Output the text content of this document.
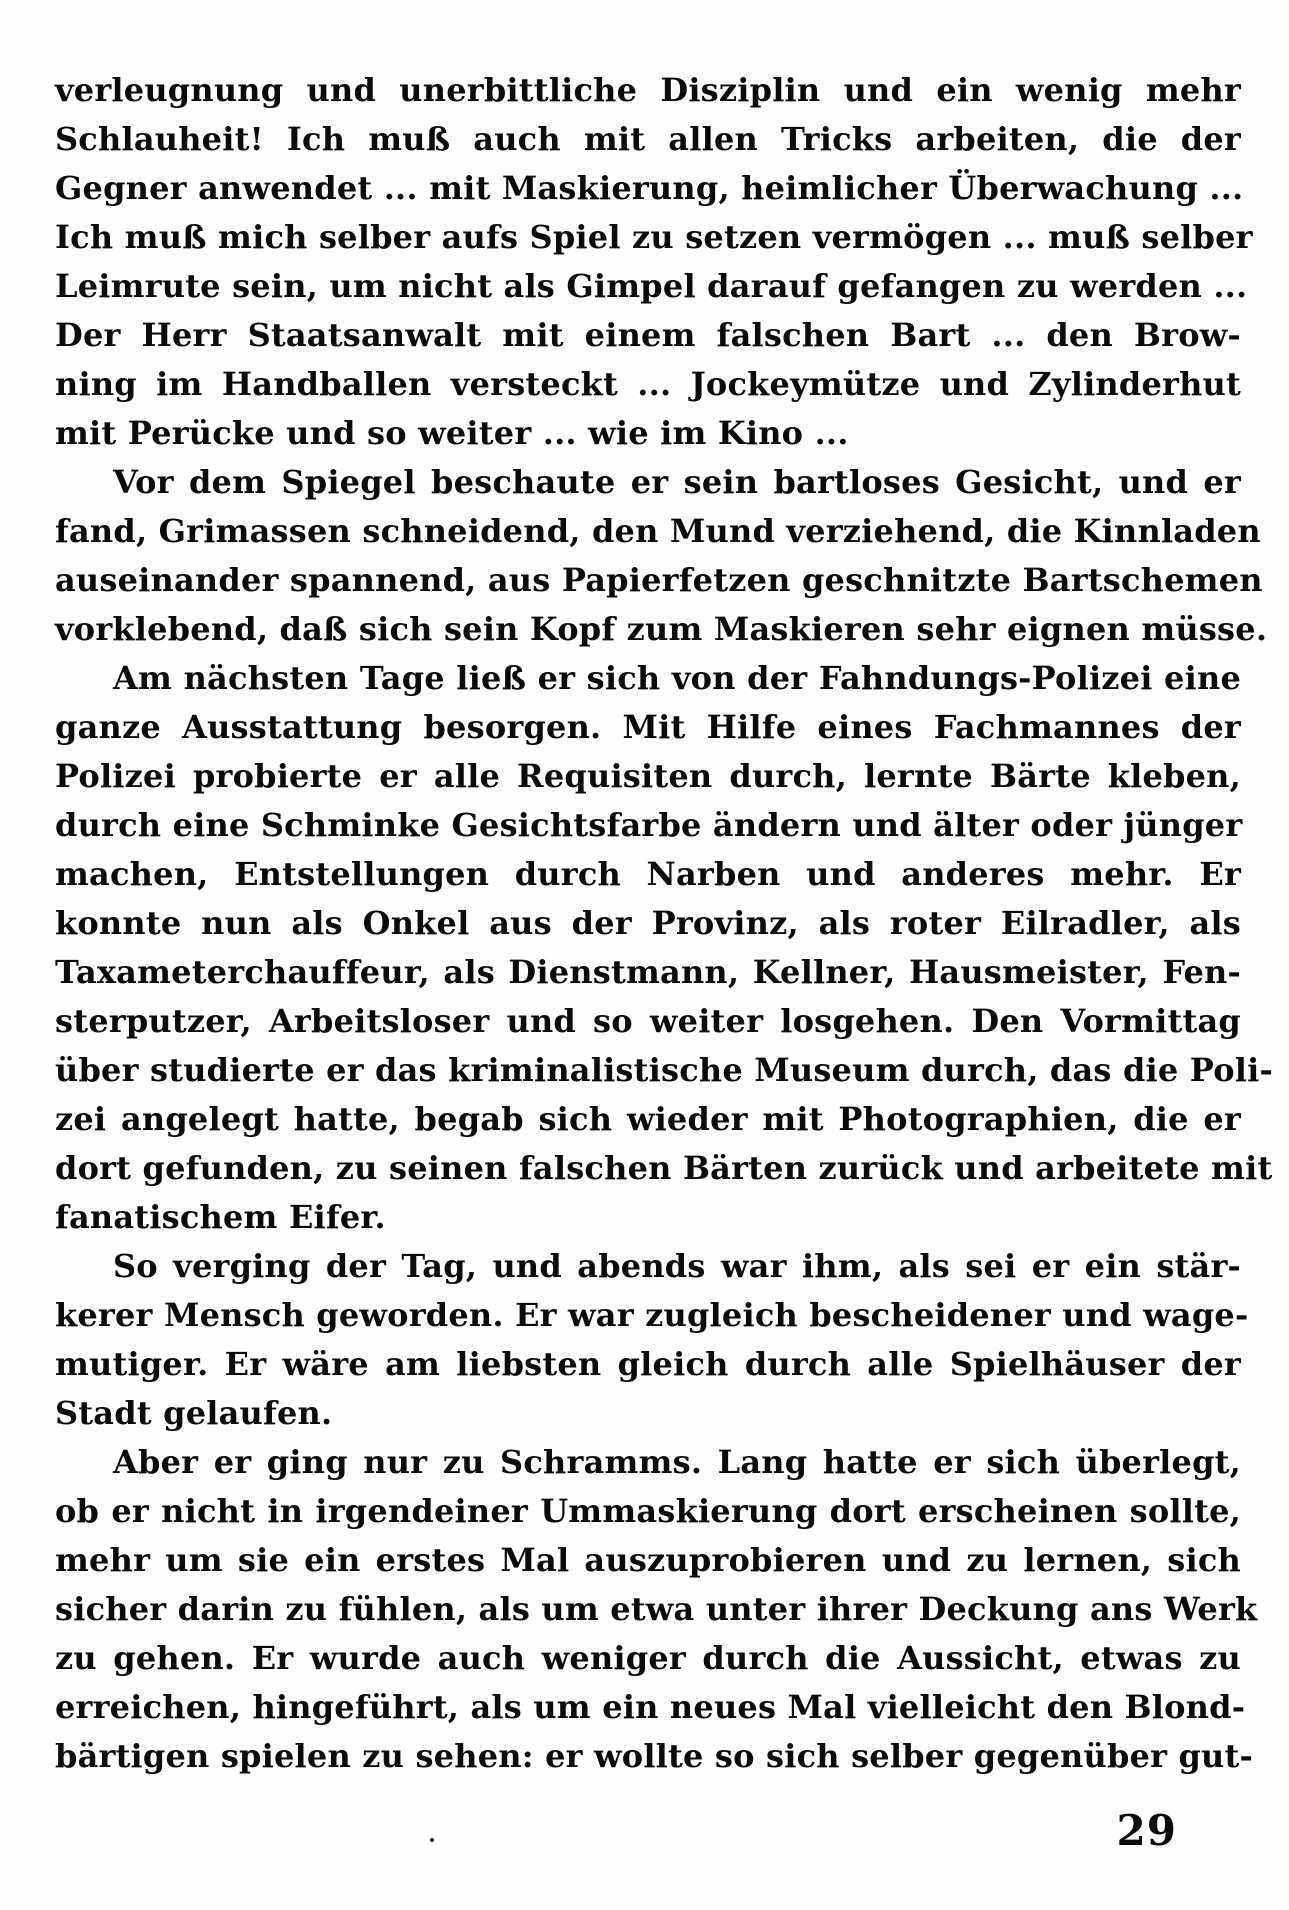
verleugnung und unerbittliche Disziplin und ein wenig mehr
Schlauheit! Ich muß auch mit allen Tricks arbeiten, die der
Gegner anwendet ... mit Maskierung, heimlicher Überwachung ...
Ich muß mich selber aufs Spiel zu setzen vermögen ... muß selber
Leimrute sein, um nicht als Gimpel darauf gefangen zu werden ...
Der Herr Staatsanwalt mit einem falschen Bart ... den Brow-
ning im Handballen versteckt ... Jockeymütze und Zylinderhut
mit Perücke und so weiter ... wie im Kino ...
Vor dem Spiegel beschaute er sein bartloses Gesicht, und er
fand, Grimassen schneidend, den Mund verziehend, die Kinnladen
auseinander spannend, aus Papierfetzen geschnitzte Bartschemen
vorklebend, daß sich sein Kopf zum Maskieren sehr eignen müsse.
Am nächsten Tage ließ er sich von der Fahndungs-Polizei eine
ganze Ausstattung besorgen. Mit Hilfe eines Fachmannes der
Polizei probierte er alle Requisiten durch, lernte Bärte kleben,
durch eine Schminke Gesichtsfarbe ändern und älter oder jünger
machen, Entstellungen durch Narben und anderes mehr. Er
konnte nun als Onkel aus der Provinz, als roter Eilradler, als
Taxameterchauffeur, als Dienstmann, Kellner, Hausmeister, Fen-
sterputzer, Arbeitsloser und so weiter losgehen. Den Vormittag
über studierte er das kriminalistische Museum durch, das die Poli-
zei angelegt hatte, begab sich wieder mit Photographien, die er
dort gefunden, zu seinen falschen Bärten zurück und arbeitete mit
fanatischem Eifer.
So verging der Tag, und abends war ihm, als sei er ein stär-
kerer Mensch geworden. Er war zugleich bescheidener und wage-
mutiger. Er wäre am liebsten gleich durch alle Spielhäuser der
Stadt gelaufen.
Aber er ging nur zu Schramms. Lang hatte er sich überlegt,
ob er nicht in irgendeiner Ummaskierung dort erscheinen sollte,
mehr um sie ein erstes Mal auszuprobieren und zu lernen, sich
sicher darin zu fühlen, als um etwa unter ihrer Deckung ans Werk
zu gehen. Er wurde auch weniger durch die Aussicht, etwas zu
erreichen, hingeführt, als um ein neues Mal vielleicht den Blond-
bärtigen spielen zu sehen: er wollte so sich selber gegenüber gut-
29
